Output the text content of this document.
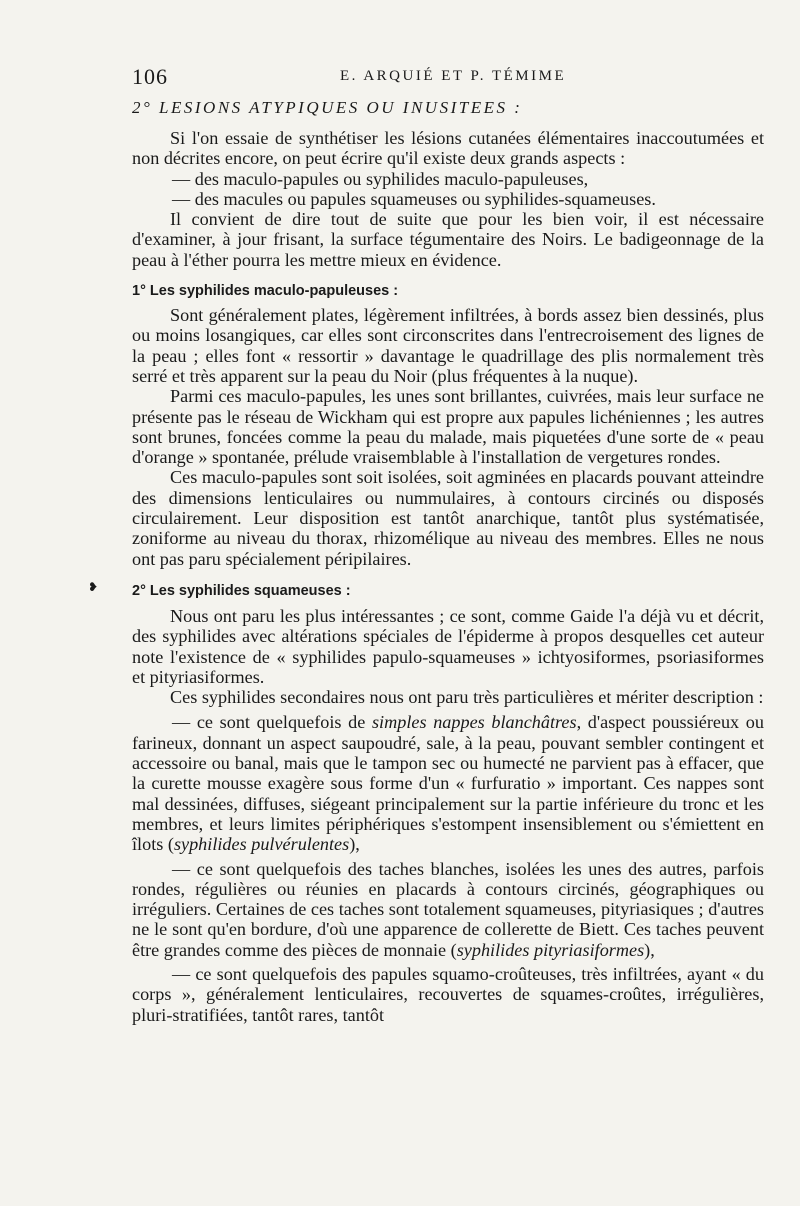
106	E. ARQUIÉ ET P. TÉMIME
❥
2° LESIONS ATYPIQUES OU INUSITEES :

Si l'on essaie de synthétiser les lésions cutanées élémentaires inaccoutumées et non décrites encore, on peut écrire qu'il existe deux grands aspects :

— des maculo-papules ou syphilides maculo-papuleuses,

— des macules ou papules squameuses ou syphilides-squameuses.

Il convient de dire tout de suite que pour les bien voir, il est nécessaire d'examiner, à jour frisant, la surface tégumentaire des Noirs. Le badigeonnage de la peau à l'éther pourra les mettre mieux en évidence.

1° Les syphilides maculo-papuleuses :

Sont généralement plates, légèrement infiltrées, à bords assez bien dessinés, plus ou moins losangiques, car elles sont circonscrites dans l'entrecroisement des lignes de la peau ; elles font « ressortir » davantage le quadrillage des plis normalement très serré et très apparent sur la peau du Noir (plus fréquentes à la nuque).

Parmi ces maculo-papules, les unes sont brillantes, cuivrées, mais leur surface ne présente pas le réseau de Wickham qui est propre aux papules lichéniennes ; les autres sont brunes, foncées comme la peau du malade, mais piquetées d'une sorte de « peau d'orange » spontanée, prélude vraisemblable à l'installation de vergetures rondes.

Ces maculo-papules sont soit isolées, soit agminées en placards pouvant atteindre des dimensions lenticulaires ou nummulaires, à contours circinés ou disposés circulairement. Leur disposition est tantôt anarchique, tantôt plus systématisée, zoniforme au niveau du thorax, rhizomélique au niveau des membres. Elles ne nous ont pas paru spécialement péripilaires.

2° Les syphilides squameuses :

Nous ont paru les plus intéressantes ; ce sont, comme Gaide l'a déjà vu et décrit, des syphilides avec altérations spéciales de l'épiderme à propos desquelles cet auteur note l'existence de « syphilides papulo-squameuses » ichtyosiformes, psoriasiformes et pityriasiformes.

Ces syphilides secondaires nous ont paru très particulières et mériter description :

— ce sont quelquefois de simples nappes blanchâtres, d'aspect poussiéreux ou farineux, donnant un aspect saupoudré, sale, à la peau, pouvant sembler contingent et accessoire ou banal, mais que le tampon sec ou humecté ne parvient pas à effacer, que la curette mousse exagère sous forme d'un « furfuratio » important. Ces nappes sont mal dessinées, diffuses, siégeant principalement sur la partie inférieure du tronc et les membres, et leurs limites périphériques s'estompent insensiblement ou s'émiettent en îlots (syphilides pulvérulentes),

— ce sont quelquefois des taches blanches, isolées les unes des autres, parfois rondes, régulières ou réunies en placards à contours circinés, géographiques ou irréguliers. Certaines de ces taches sont totalement squameuses, pityriasiques ; d'autres ne le sont qu'en bordure, d'où une apparence de collerette de Biett. Ces taches peuvent être grandes comme des pièces de monnaie (syphilides pityriasiformes),

— ce sont quelquefois des papules squamo-croûteuses, très infiltrées, ayant « du corps », généralement lenticulaires, recouvertes de squames-croûtes, irrégulières, pluri-stratifiées, tantôt rares, tantôt
